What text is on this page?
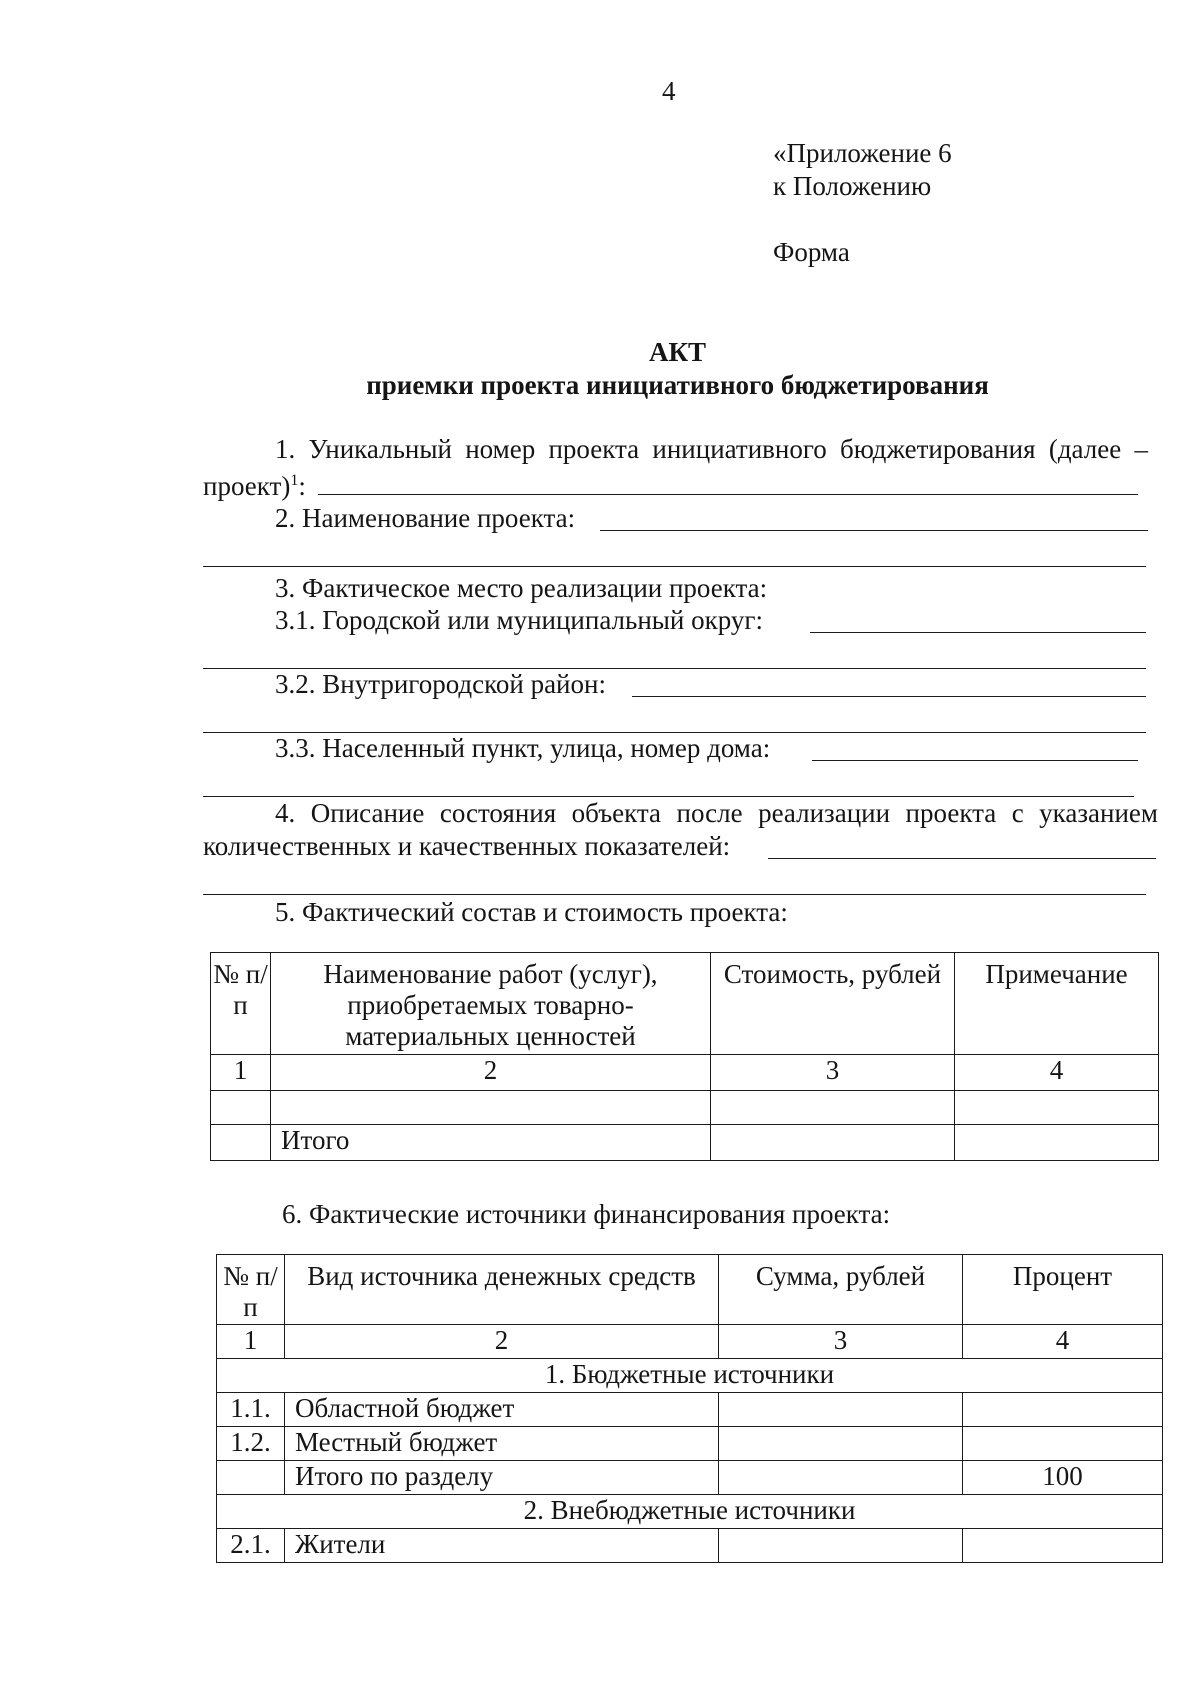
4
«Приложение 6
к Положению
Форма
АКТ
приемки проекта инициативного бюджетирования
1. Уникальный номер проекта инициативного бюджетирования (далее –
проект)$^1$:
2. Наименование проекта:
3. Фактическое место реализации проекта:
3.1. Городской или муниципальный округ:
3.2. Внутригородской район:
3.3. Населенный пункт, улица, номер дома:
4. Описание состояния объекта после реализации проекта с указанием
количественных и качественных показателей:
5. Фактический состав и стоимость проекта:
№ п/п	Наименование работ (услуг), приобретаемых товарно-материальных ценностей	Стоимость, рублей	Примечание
1	2	3	4

	Итого		
6. Фактические источники финансирования проекта:
№ п/п	Вид источника денежных средств	Сумма, рублей	Процент
1	2	3	4
1. Бюджетные источники			
1.1.	Областной бюджет		
1.2.	Местный бюджет		
	Итого по разделу		100
2. Внебюджетные источники			
2.1.	Жители		
